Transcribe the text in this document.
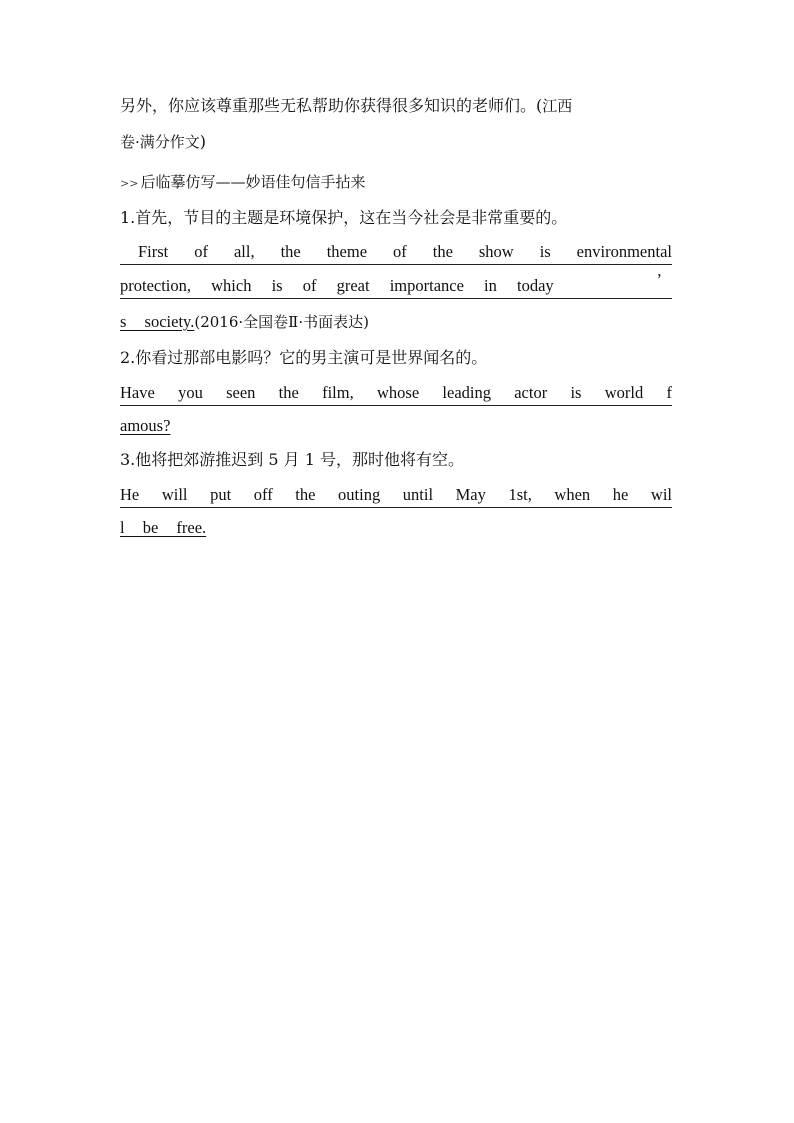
另外，你应该尊重那些无私帮助你获得很多知识的老师们。(江西
卷·满分作文)
>> 后临摹仿写——妙语佳句信手拈来
1.首先，节目的主题是环境保护，这在当今社会是非常重要的。
First of all, the theme of the show is environmental
protection, which is of great importance in today	’
s society.(2016·全国卷Ⅱ·书面表达)
2.你看过那部电影吗？它的男主演可是世界闻名的。
Have you seen the film, whose leading actor is world f
amous?
3.他将把郊游推迟到 5 月 1 号，那时他将有空。
He will put off the outing until May 1st, when he wil
l be free.
